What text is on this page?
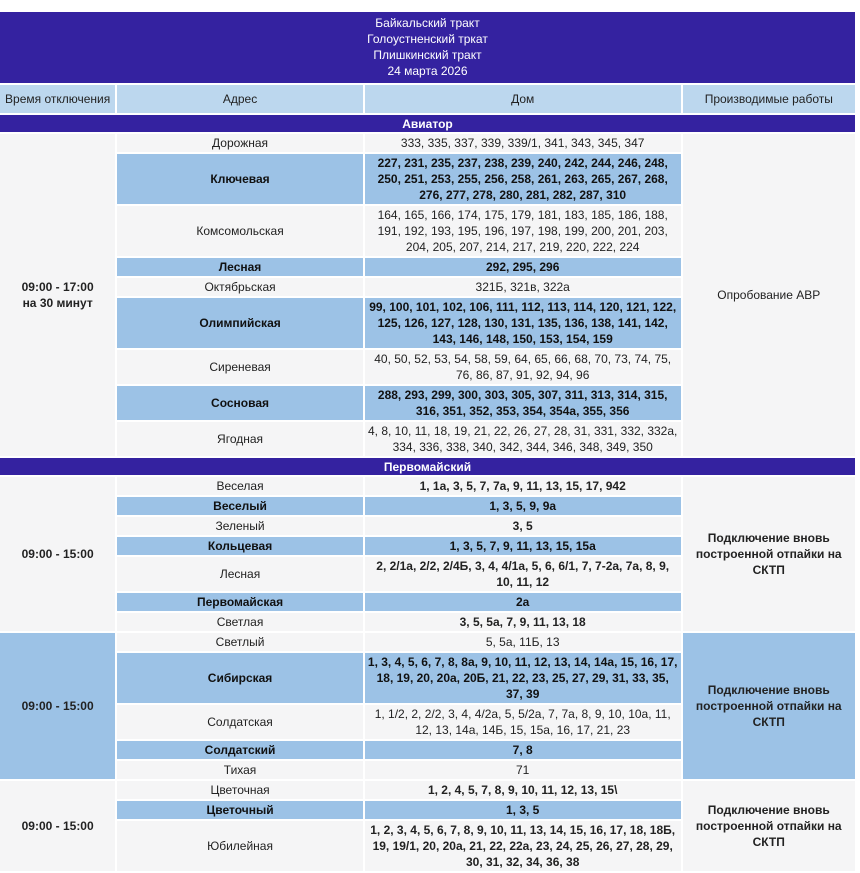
Байкальский тракт
Голоустненский тркат
Плишкинский тракт
24 марта 2026			

Время отключения	Адрес	Дом	Производимые работы
Авиатор			
09:00 - 17:00
на 30 минут	Дорожная	333, 335, 337, 339, 339/1, 341, 343, 345, 347	Опробование АВР
	Ключевая	227, 231, 235, 237, 238, 239, 240, 242, 244, 246, 248, 250, 251, 253, 255, 256, 258, 261, 263, 265, 267, 268, 276, 277, 278, 280, 281, 282, 287, 310	
	Комсомольская	164, 165, 166, 174, 175, 179, 181, 183, 185, 186, 188, 191, 192, 193, 195, 196, 197, 198, 199, 200, 201, 203, 204, 205, 207, 214, 217, 219, 220, 222, 224	
	Лесная	292, 295, 296	
	Октябрьская	321Б, 321в, 322а	
	Олимпийская	99, 100, 101, 102, 106, 111, 112, 113, 114, 120, 121, 122, 125, 126, 127, 128, 130, 131, 135, 136, 138, 141, 142, 143, 146, 148, 150, 153, 154, 159	
	Сиреневая	40, 50, 52, 53, 54, 58, 59, 64, 65, 66, 68, 70, 73, 74, 75, 76, 86, 87, 91, 92, 94, 96	
	Сосновая	288, 293, 299, 300, 303, 305, 307, 311, 313, 314, 315, 316, 351, 352, 353, 354, 354а, 355, 356	
	Ягодная	4, 8, 10, 11, 18, 19, 21, 22, 26, 27, 28, 31, 331, 332, 332а, 334, 336, 338, 340, 342, 344, 346, 348, 349, 350	
Первомайский			
09:00 - 15:00	Веселая	1, 1а, 3, 5, 7, 7а, 9, 11, 13, 15, 17, 942	Подключение вновь построенной отпайки на СКТП
	Веселый	1, 3, 5, 9, 9а	
	Зеленый	3, 5	
	Кольцевая	1, 3, 5, 7, 9, 11, 13, 15, 15а	
	Лесная	2, 2/1а, 2/2, 2/4Б, 3, 4, 4/1а, 5, 6, 6/1, 7, 7-2а, 7а, 8, 9, 10, 11, 12	
	Первомайская	2а	
	Светлая	3, 5, 5а, 7, 9, 11, 13, 18	
09:00 - 15:00	Светлый	5, 5а, 11Б, 13	Подключение вновь построенной отпайки на СКТП
	Сибирская	1, 3, 4, 5, 6, 7, 8, 8а, 9, 10, 11, 12, 13, 14, 14а, 15, 16, 17, 18, 19, 20, 20а, 20Б, 21, 22, 23, 25, 27, 29, 31, 33, 35, 37, 39	
	Солдатская	1, 1/2, 2, 2/2, 3, 4, 4/2а, 5, 5/2а, 7, 7а, 8, 9, 10, 10а, 11, 12, 13, 14а, 14Б, 15, 15а, 16, 17, 21, 23	
	Солдатский	7, 8	
	Тихая	71	
09:00 - 15:00	Цветочная	1, 2, 4, 5, 7, 8, 9, 10, 11, 12, 13, 15\	Подключение вновь построенной отпайки на СКТП
	Цветочный	1, 3, 5	
	Юбилейная	1, 2, 3, 4, 5, 6, 7, 8, 9, 10, 11, 13, 14, 15, 16, 17, 18, 18Б, 19, 19/1, 20, 20а, 21, 22, 22а, 23, 24, 25, 26, 27, 28, 29, 30, 31, 32, 34, 36, 38	
